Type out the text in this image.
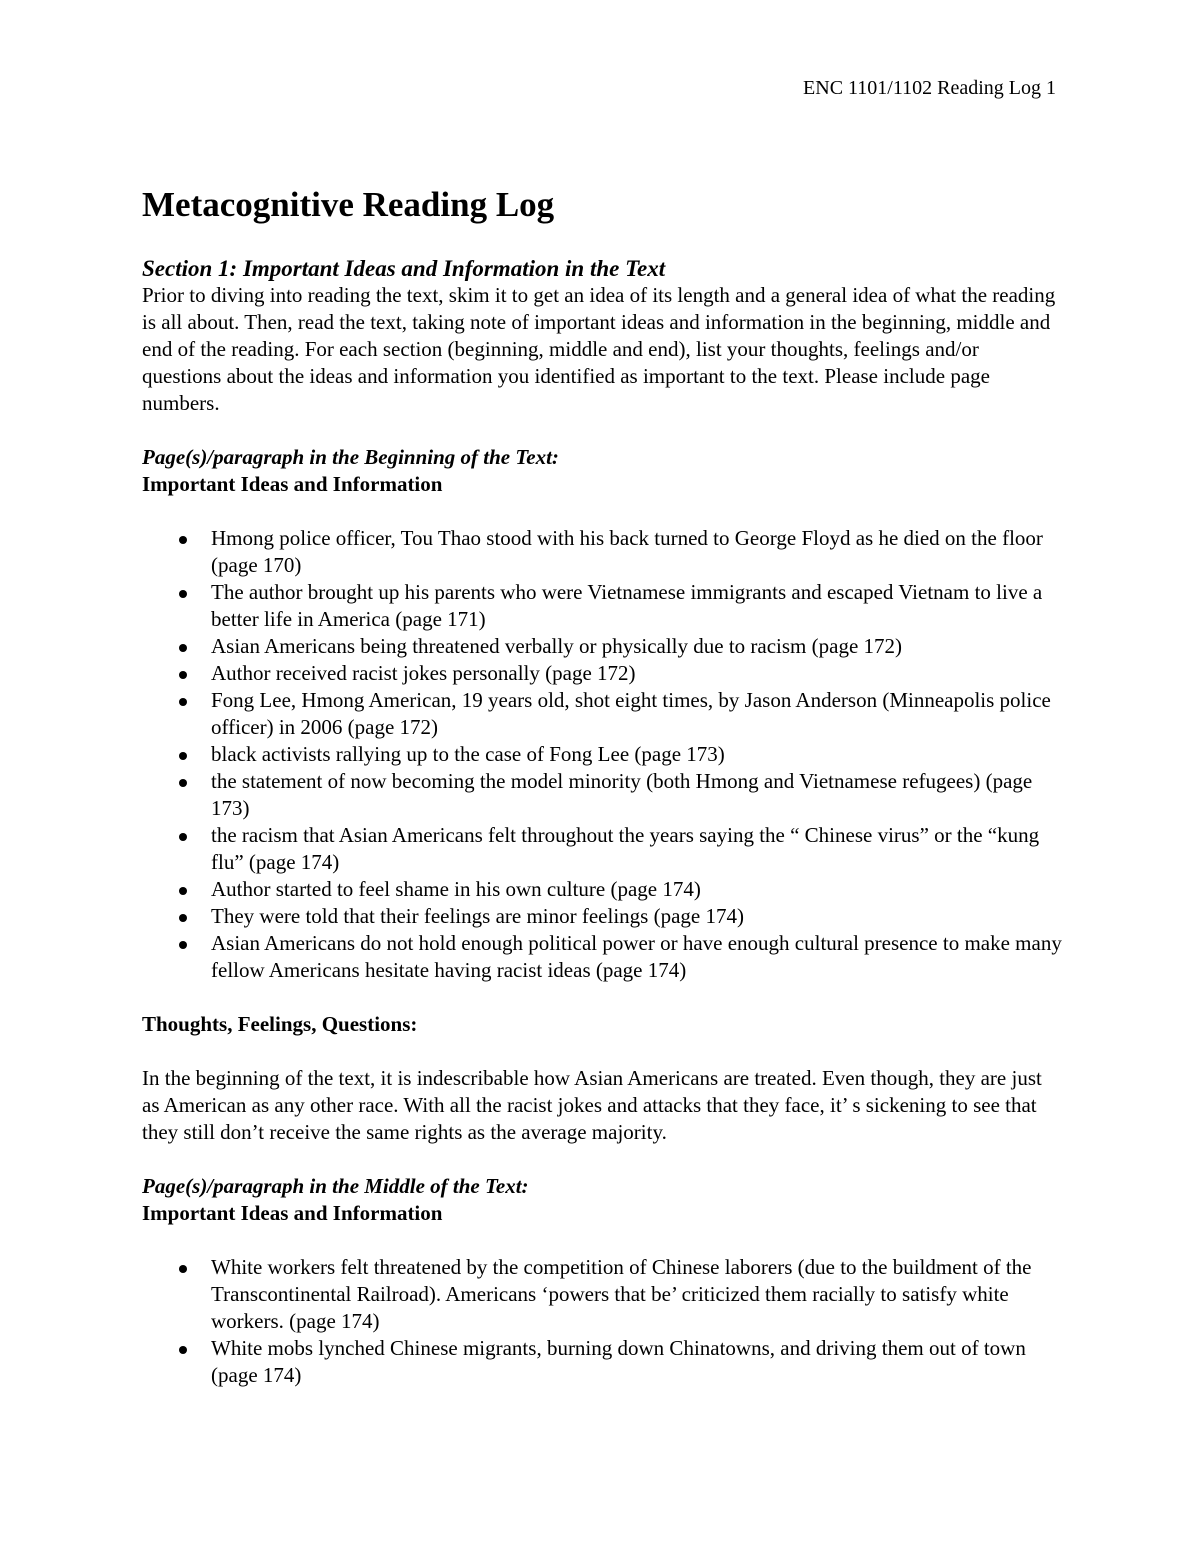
ENC 1101/1102 Reading Log 1
Metacognitive Reading Log
Section 1: Important Ideas and Information in the Text

Prior to diving into reading the text, skim it to get an idea of its length and a general idea of what the reading is all about. Then, read the text, taking note of important ideas and information in the beginning, middle and end of the reading. For each section (beginning, middle and end), list your thoughts, feelings and/or questions about the ideas and information you identified as important to the text. Please include page numbers.

Page(s)/paragraph in the Beginning of the Text:

Important Ideas and Information

Hmong police officer, Tou Thao stood with his back turned to George Floyd as he died on the floor (page 170)
The author brought up his parents who were Vietnamese immigrants and escaped Vietnam to live a better life in America (page 171)
Asian Americans being threatened verbally or physically due to racism (page 172)
Author received racist jokes personally (page 172)
Fong Lee, Hmong American, 19 years old, shot eight times, by Jason Anderson (Minneapolis police officer) in 2006 (page 172)
black activists rallying up to the case of Fong Lee (page 173)
the statement of now becoming the model minority (both Hmong and Vietnamese refugees) (page 173)
the racism that Asian Americans felt throughout the years saying the “ Chinese virus” or the “kung flu” (page 174)
Author started to feel shame in his own culture (page 174)
They were told that their feelings are minor feelings (page 174)
Asian Americans do not hold enough political power or have enough cultural presence to make many fellow Americans hesitate having racist ideas (page 174)

Thoughts, Feelings, Questions:

In the beginning of the text, it is indescribable how Asian Americans are treated. Even though, they are just as American as any other race. With all the racist jokes and attacks that they face, it’ s sickening to see that they still don’t receive the same rights as the average majority.

Page(s)/paragraph in the Middle of the Text:

Important Ideas and Information

White workers felt threatened by the competition of Chinese laborers (due to the buildment of the Transcontinental Railroad). Americans ‘powers that be’ criticized them racially to satisfy white workers. (page 174)
White mobs lynched Chinese migrants, burning down Chinatowns, and driving them out of town (page 174)
